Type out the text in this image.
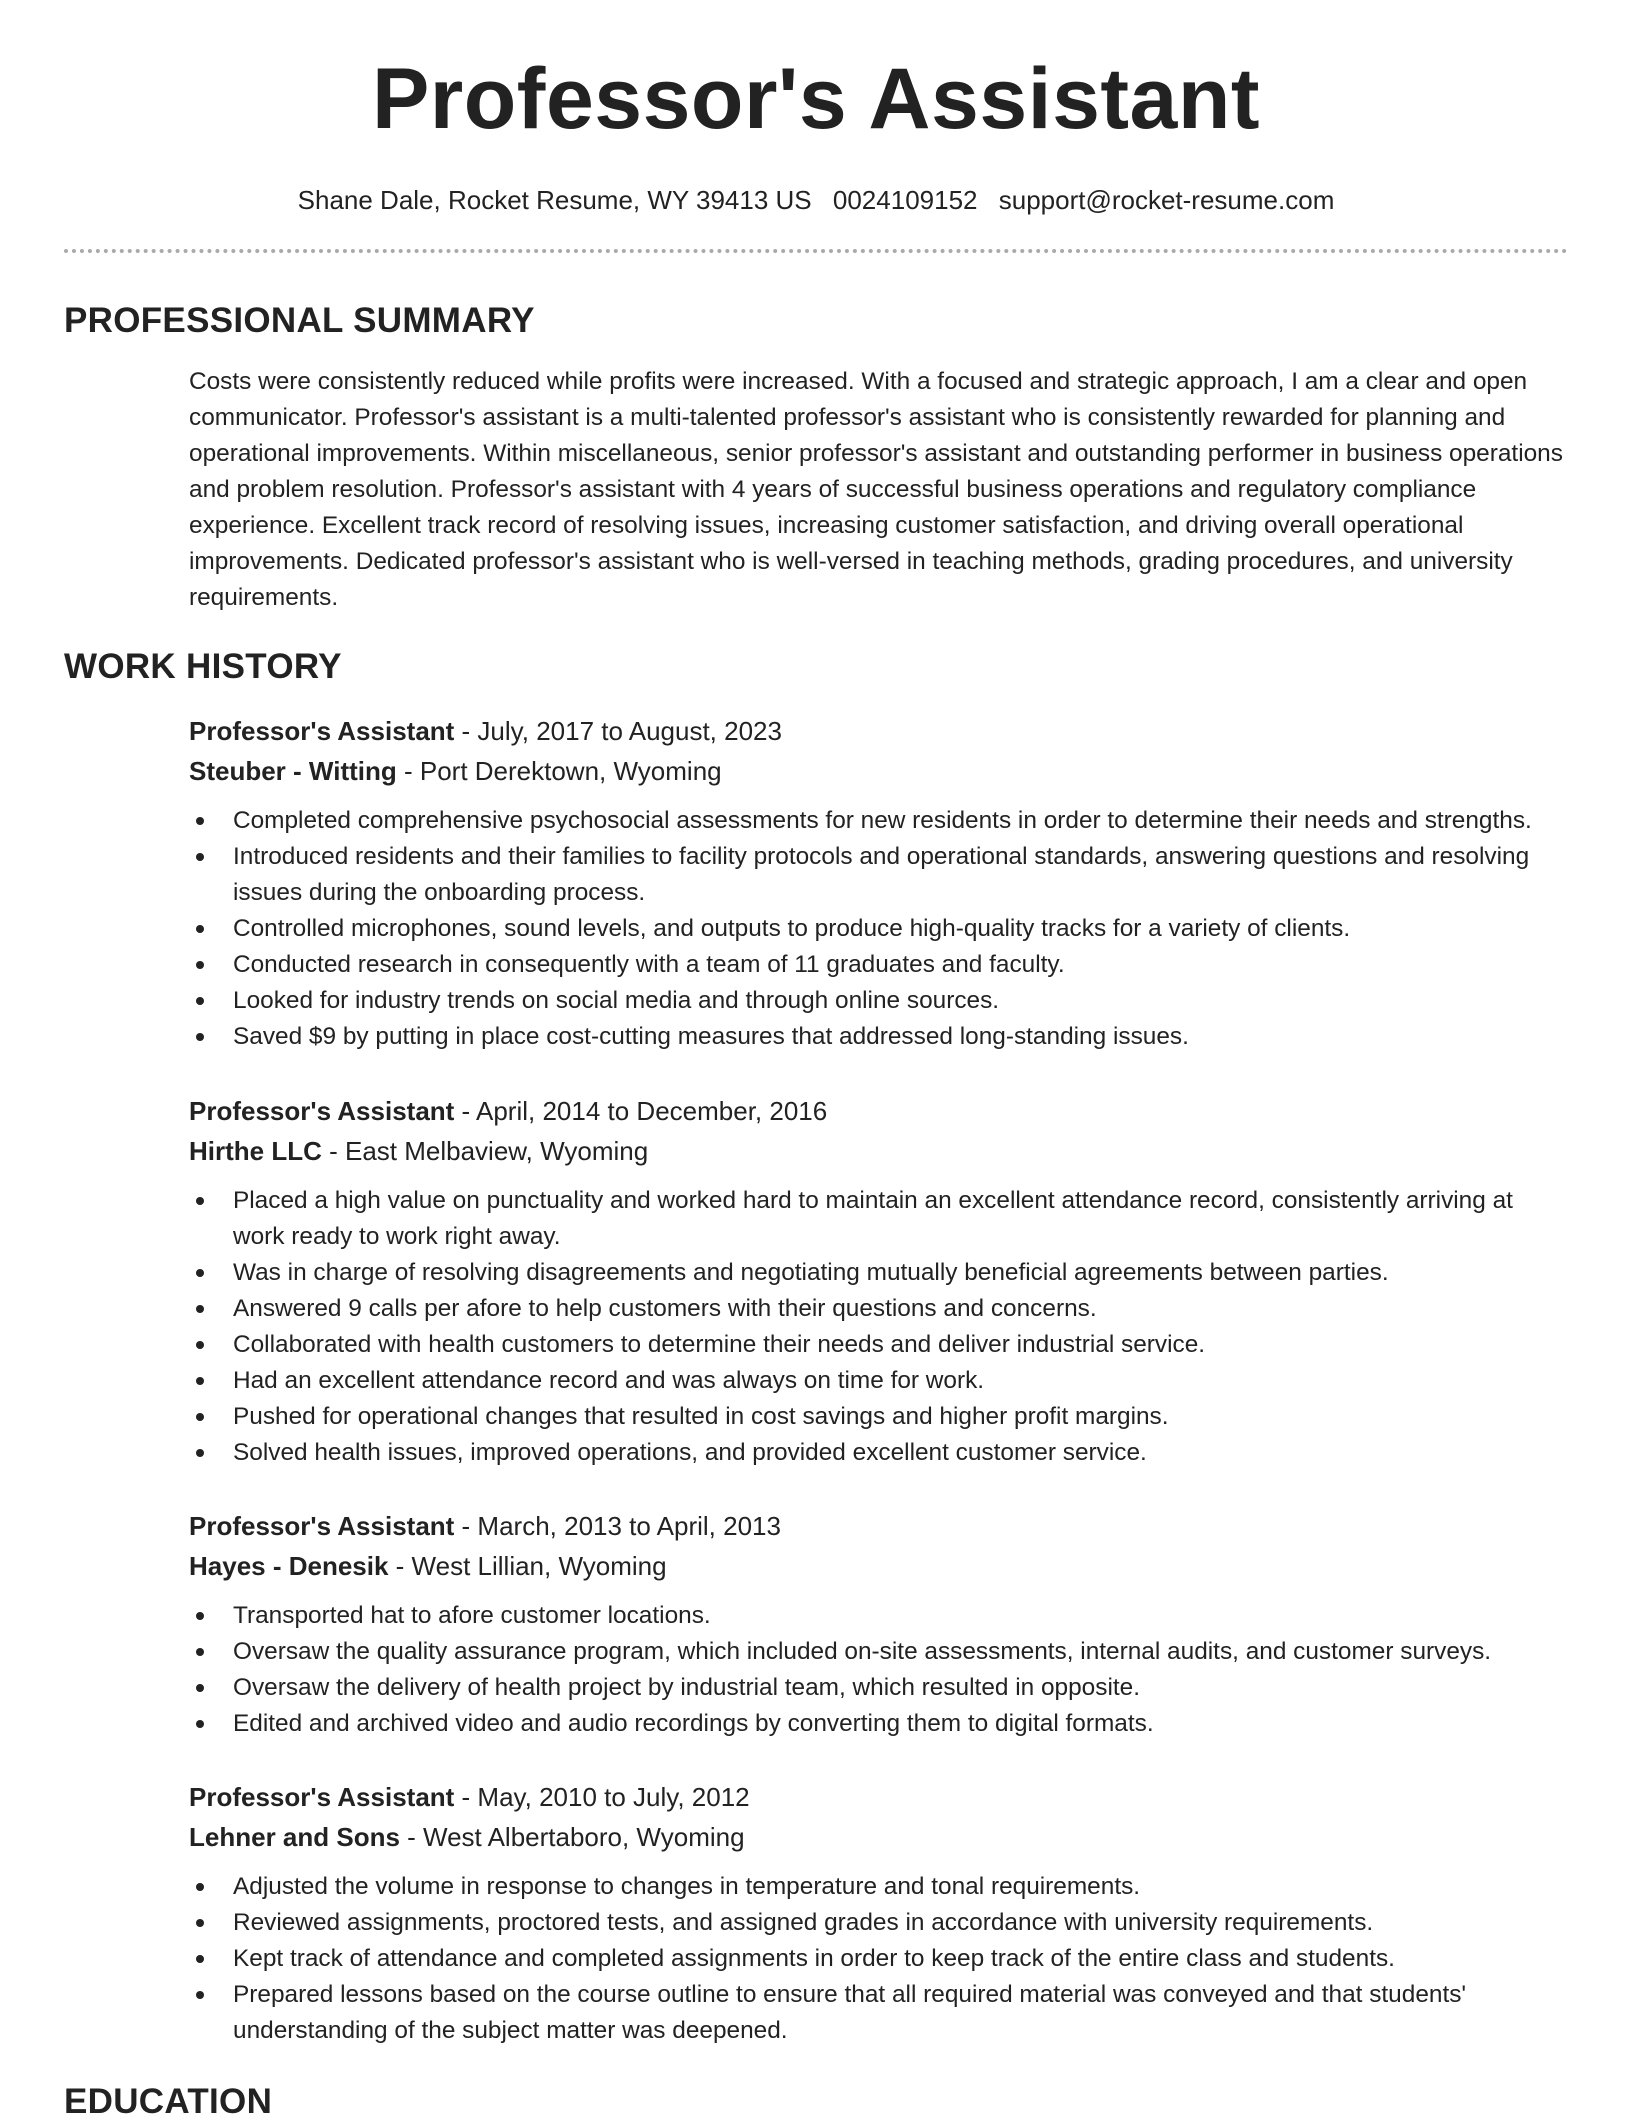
Professor's Assistant
Shane Dale, Rocket Resume, WY 39413 US 0024109152 support@rocket-resume.com
PROFESSIONAL SUMMARY

Costs were consistently reduced while profits were increased. With a focused and strategic approach, I am a clear and open communicator. Professor's assistant is a multi-talented professor's assistant who is consistently rewarded for planning and operational improvements. Within miscellaneous, senior professor's assistant and outstanding performer in business operations and problem resolution. Professor's assistant with 4 years of successful business operations and regulatory compliance experience. Excellent track record of resolving issues, increasing customer satisfaction, and driving overall operational improvements. Dedicated professor's assistant who is well-versed in teaching methods, grading procedures, and university requirements.

WORK HISTORY

Professor's Assistant - July, 2017 to August, 2023

Steuber - Witting - Port Derektown, Wyoming

Completed comprehensive psychosocial assessments for new residents in order to determine their needs and strengths.
Introduced residents and their families to facility protocols and operational standards, answering questions and resolving issues during the onboarding process.
Controlled microphones, sound levels, and outputs to produce high-quality tracks for a variety of clients.
Conducted research in consequently with a team of 11 graduates and faculty.
Looked for industry trends on social media and through online sources.
Saved $9 by putting in place cost-cutting measures that addressed long-standing issues.

Professor's Assistant - April, 2014 to December, 2016

Hirthe LLC - East Melbaview, Wyoming

Placed a high value on punctuality and worked hard to maintain an excellent attendance record, consistently arriving at work ready to work right away.
Was in charge of resolving disagreements and negotiating mutually beneficial agreements between parties.
Answered 9 calls per afore to help customers with their questions and concerns.
Collaborated with health customers to determine their needs and deliver industrial service.
Had an excellent attendance record and was always on time for work.
Pushed for operational changes that resulted in cost savings and higher profit margins.
Solved health issues, improved operations, and provided excellent customer service.

Professor's Assistant - March, 2013 to April, 2013

Hayes - Denesik - West Lillian, Wyoming

Transported hat to afore customer locations.
Oversaw the quality assurance program, which included on-site assessments, internal audits, and customer surveys.
Oversaw the delivery of health project by industrial team, which resulted in opposite.
Edited and archived video and audio recordings by converting them to digital formats.

Professor's Assistant - May, 2010 to July, 2012

Lehner and Sons - West Albertaboro, Wyoming

Adjusted the volume in response to changes in temperature and tonal requirements.
Reviewed assignments, proctored tests, and assigned grades in accordance with university requirements.
Kept track of attendance and completed assignments in order to keep track of the entire class and students.
Prepared lessons based on the course outline to ensure that all required material was conveyed and that students' understanding of the subject matter was deepened.
EDUCATION
